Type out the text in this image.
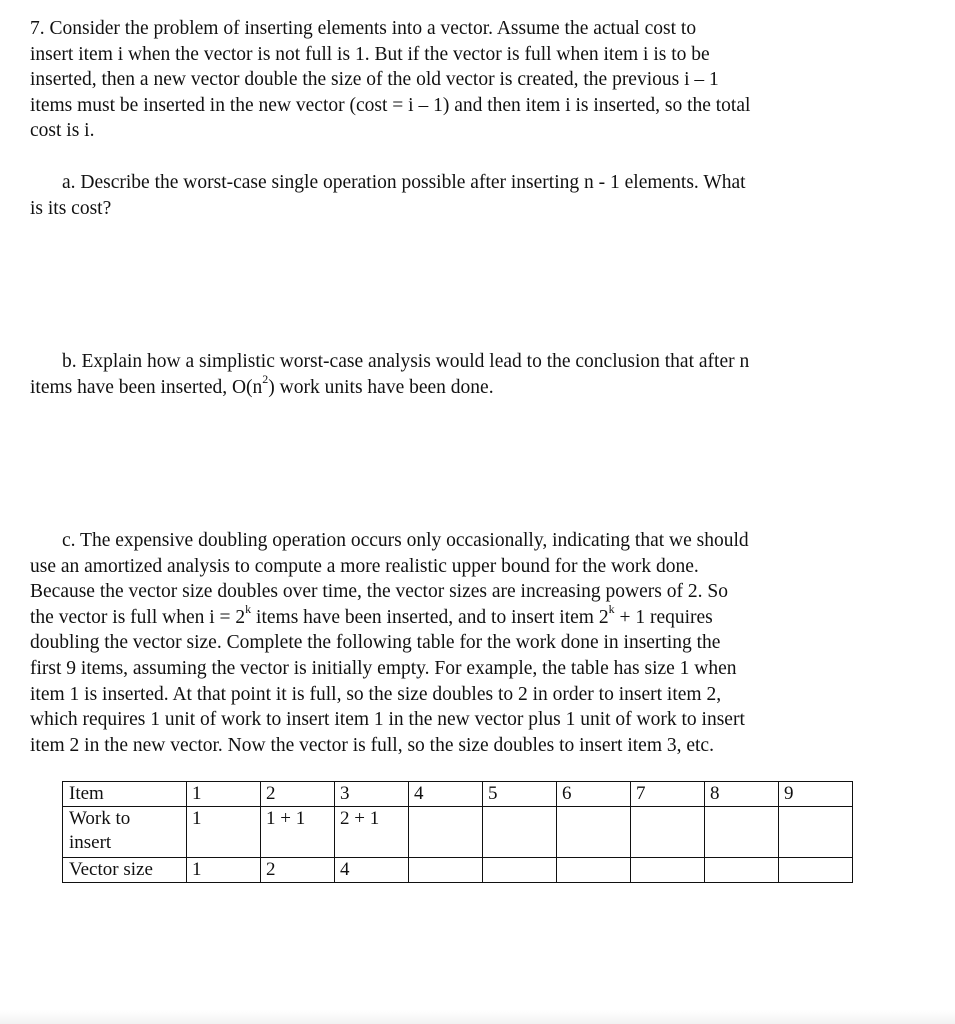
7. Consider the problem of inserting elements into a vector. Assume the actual cost to
insert item i when the vector is not full is 1. But if the vector is full when item i is to be
inserted, then a new vector double the size of the old vector is created, the previous i – 1
items must be inserted in the new vector (cost = i – 1) and then item i is inserted, so the total
cost is i.
a. Describe the worst-case single operation possible after inserting n - 1 elements. What
is its cost?
b. Explain how a simplistic worst-case analysis would lead to the conclusion that after n
items have been inserted, $O(n^2)$ work units have been done.
c. The expensive doubling operation occurs only occasionally, indicating that we should
use an amortized analysis to compute a more realistic upper bound for the work done.
Because the vector size doubles over time, the vector sizes are increasing powers of 2. So
the vector is full when $i = 2^k$ items have been inserted, and to insert item $2^k + 1$ requires
doubling the vector size. Complete the following table for the work done in inserting the
first 9 items, assuming the vector is initially empty. For example, the table has size 1 when
item 1 is inserted. At that point it is full, so the size doubles to 2 in order to insert item 2,
which requires 1 unit of work to insert item 1 in the new vector plus 1 unit of work to insert
item 2 in the new vector. Now the vector is full, so the size doubles to insert item 3, etc.
Item	1	2	3	4	5	6	7	8	9

Work to
insert	1	1 + 1	2 + 1						
Vector size	1	2	4						
